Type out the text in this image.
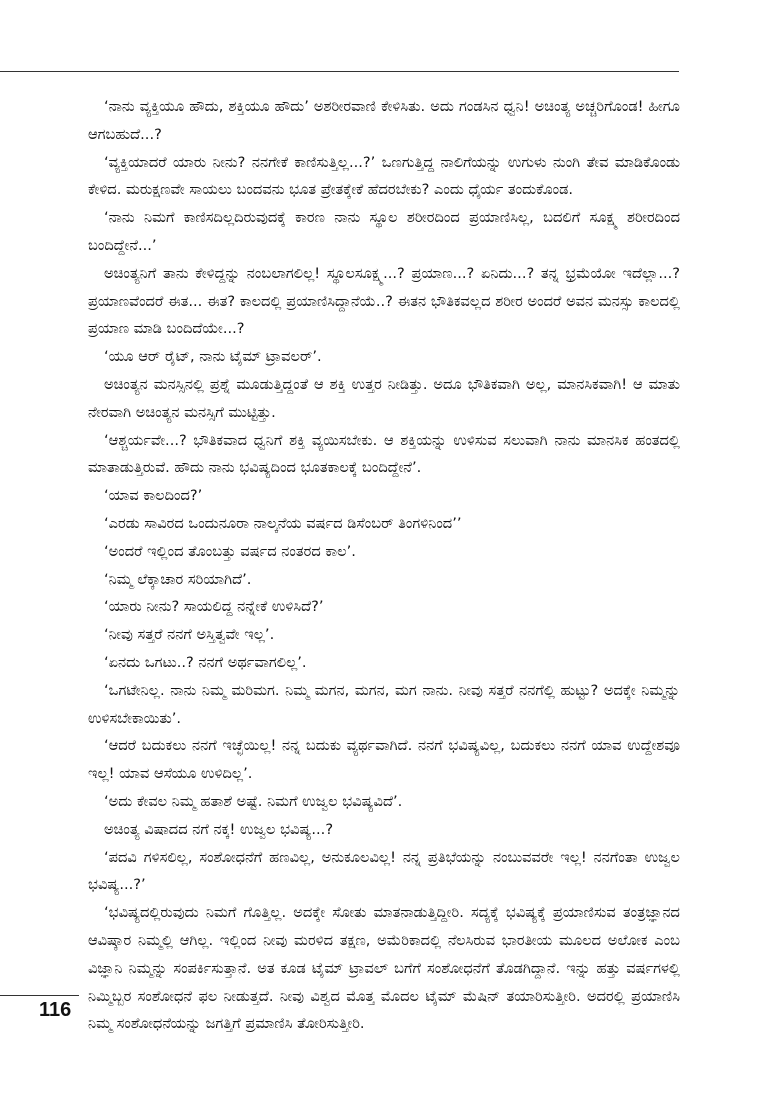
‘ನಾನು ವ್ಯಕ್ತಿಯೂ ಹೌದು, ಶಕ್ತಿಯೂ ಹೌದು’ ಅಶರೀರವಾಣಿ ಕೇಳಿಸಿತು. ಅದು ಗಂಡಸಿನ ಧ್ವನಿ! ಅಚಿಂತ್ಯ ಅಚ್ಚರಿಗೊಂಡ! ಹೀಗೂ ಆಗಬಹುದೆ...?

‘ವ್ಯಕ್ತಿಯಾದರೆ ಯಾರು ನೀನು? ನನಗೇಕೆ ಕಾಣಿಸುತ್ತಿಲ್ಲ...?’ ಒಣಗುತ್ತಿದ್ದ ನಾಲಿಗೆಯನ್ನು ಉಗುಳು ನುಂಗಿ ತೇವ ಮಾಡಿಕೊಂಡು ಕೇಳಿದ. ಮರುಕ್ಷಣವೇ ಸಾಯಲು ಬಂದವನು ಭೂತ ಪ್ರೇತಕ್ಕೇಕೆ ಹೆದರಬೇಕು? ಎಂದು ಧೈರ್ಯ ತಂದುಕೊಂಡ.

‘ನಾನು ನಿಮಗೆ ಕಾಣಿಸದಿಲ್ಲದಿರುವುದಕ್ಕೆ ಕಾರಣ ನಾನು ಸ್ಥೂಲ ಶರೀರದಿಂದ ಪ್ರಯಾಣಿಸಿಲ್ಲ, ಬದಲಿಗೆ ಸೂಕ್ಷ್ಮ ಶರೀರದಿಂದ ಬಂದಿದ್ದೇನೆ...’

ಅಚಿಂತ್ಯನಿಗೆ ತಾನು ಕೇಳಿದ್ದನ್ನು ನಂಬಲಾಗಲಿಲ್ಲ! ಸ್ಥೂಲಸೂಕ್ಷ್ಮ...? ಪ್ರಯಾಣ...? ಏನಿದು...? ತನ್ನ ಭ್ರಮೆಯೋ ಇದೆಲ್ಲಾ...? ಪ್ರಯಾಣವೆಂದರೆ ಈತ... ಈತ? ಕಾಲದಲ್ಲಿ ಪ್ರಯಾಣಿಸಿದ್ದಾನೆಯೆ..? ಈತನ ಭೌತಿಕವಲ್ಲದ ಶರೀರ ಅಂದರೆ ಅವನ ಮನಸ್ಸು ಕಾಲದಲ್ಲಿ ಪ್ರಯಾಣ ಮಾಡಿ ಬಂದಿದೆಯೇ...?

‘ಯೂ ಆರ್ ರೈಟ್, ನಾನು ಟೈಮ್ ಟ್ರಾವಲರ್’.

ಅಚಿಂತ್ಯನ ಮನಸ್ಸಿನಲ್ಲಿ ಪ್ರಶ್ನೆ ಮೂಡುತ್ತಿದ್ದಂತೆ ಆ ಶಕ್ತಿ ಉತ್ತರ ನೀಡಿತ್ತು. ಅದೂ ಭೌತಿಕವಾಗಿ ಅಲ್ಲ, ಮಾನಸಿಕವಾಗಿ! ಆ ಮಾತು ನೇರವಾಗಿ ಅಚಿಂತ್ಯನ ಮನಸ್ಸಿಗೆ ಮುಟ್ಟಿತ್ತು.

‘ಆಶ್ಚರ್ಯವೇ...? ಭೌತಿಕವಾದ ಧ್ವನಿಗೆ ಶಕ್ತಿ ವ್ಯಯಿಸಬೇಕು. ಆ ಶಕ್ತಿಯನ್ನು ಉಳಿಸುವ ಸಲುವಾಗಿ ನಾನು ಮಾನಸಿಕ ಹಂತದಲ್ಲಿ ಮಾತಾಡುತ್ತಿರುವೆ. ಹೌದು ನಾನು ಭವಿಷ್ಯದಿಂದ ಭೂತಕಾಲಕ್ಕೆ ಬಂದಿದ್ದೇನೆ’.

‘ಯಾವ ಕಾಲದಿಂದ?’

‘ಎರಡು ಸಾವಿರದ ಒಂದುನೂರಾ ನಾಲ್ಕನೆಯ ವರ್ಷದ ಡಿಸೆಂಬರ್ ತಿಂಗಳಿನಿಂದ’’

‘ಅಂದರೆ ಇಲ್ಲಿಂದ ತೊಂಬತ್ತು ವರ್ಷದ ನಂತರದ ಕಾಲ’.

‘ನಿಮ್ಮ ಲೆಕ್ಕಾಚಾರ ಸರಿಯಾಗಿದೆ’.

‘ಯಾರು ನೀನು? ಸಾಯಲಿದ್ದ ನನ್ನೇಕೆ ಉಳಿಸಿದೆ?’

‘ನೀವು ಸತ್ತರೆ ನನಗೆ ಅಸ್ತಿತ್ವವೇ ಇಲ್ಲ’.

‘ಏನದು ಒಗಟು..? ನನಗೆ ಅರ್ಥವಾಗಲಿಲ್ಲ’.

‘ಒಗಟೇನಿಲ್ಲ. ನಾನು ನಿಮ್ಮ ಮರಿಮಗ. ನಿಮ್ಮ ಮಗನ, ಮಗನ, ಮಗ ನಾನು. ನೀವು ಸತ್ತರೆ ನನಗೆಲ್ಲಿ ಹುಟ್ಟು? ಅದಕ್ಕೇ ನಿಮ್ಮನ್ನು ಉಳಿಸಬೇಕಾಯಿತು’.

‘ಆದರೆ ಬದುಕಲು ನನಗೆ ಇಚ್ಛೆಯಿಲ್ಲ! ನನ್ನ ಬದುಕು ವ್ಯರ್ಥವಾಗಿದೆ. ನನಗೆ ಭವಿಷ್ಯವಿಲ್ಲ, ಬದುಕಲು ನನಗೆ ಯಾವ ಉದ್ದೇಶವೂ ಇಲ್ಲ! ಯಾವ ಆಸೆಯೂ ಉಳಿದಿಲ್ಲ’.

‘ಅದು ಕೇವಲ ನಿಮ್ಮ ಹತಾಶೆ ಅಷ್ಟೆ. ನಿಮಗೆ ಉಜ್ವಲ ಭವಿಷ್ಯವಿದೆ’.

ಅಚಿಂತ್ಯ ವಿಷಾದದ ನಗೆ ನಕ್ಕ! ಉಜ್ವಲ ಭವಿಷ್ಯ...?

‘ಪದವಿ ಗಳಿಸಲಿಲ್ಲ, ಸಂಶೋಧನೆಗೆ ಹಣವಿಲ್ಲ, ಅನುಕೂಲವಿಲ್ಲ! ನನ್ನ ಪ್ರತಿಭೆಯನ್ನು ನಂಬುವವರೇ ಇಲ್ಲ! ನನಗೆಂತಾ ಉಜ್ವಲ ಭವಿಷ್ಯ...?’

‘ಭವಿಷ್ಯದಲ್ಲಿರುವುದು ನಿಮಗೆ ಗೊತ್ತಿಲ್ಲ. ಅದಕ್ಕೇ ಸೋತು ಮಾತನಾಡುತ್ತಿದ್ದೀರಿ. ಸದ್ಯಕ್ಕೆ ಭವಿಷ್ಯಕ್ಕೆ ಪ್ರಯಾಣಿಸುವ ತಂತ್ರಜ್ಞಾನದ ಆವಿಷ್ಕಾರ ನಿಮ್ಮಲ್ಲಿ ಆಗಿಲ್ಲ. ಇಲ್ಲಿಂದ ನೀವು ಮರಳಿದ ತಕ್ಷಣ, ಅಮೆರಿಕಾದಲ್ಲಿ ನೆಲಸಿರುವ ಭಾರತೀಯ ಮೂಲದ ಅಲೋಕ ಎಂಬ ವಿಜ್ಞಾನಿ ನಿಮ್ಮನ್ನು ಸಂಪರ್ಕಿಸುತ್ತಾನೆ. ಅತ ಕೂಡ ಟೈಮ್ ಟ್ರಾವಲ್ ಬಗೆಗೆ ಸಂಶೋಧನೆಗೆ ತೊಡಗಿದ್ದಾನೆ. ಇನ್ನು ಹತ್ತು ವರ್ಷಗಳಲ್ಲಿ ನಿಮ್ಮಿಬ್ಬರ ಸಂಶೋಧನೆ ಫಲ ನೀಡುತ್ತದೆ. ನೀವು ವಿಶ್ವದ ಮೊತ್ತ ಮೊದಲ ಟೈಮ್ ಮೆಷಿನ್ ತಯಾರಿಸುತ್ತೀರಿ. ಅದರಲ್ಲಿ ಪ್ರಯಾಣಿಸಿ ನಿಮ್ಮ ಸಂಶೋಧನೆಯನ್ನು ಜಗತ್ತಿಗೆ ಪ್ರಮಾಣಿಸಿ ತೋರಿಸುತ್ತೀರಿ.

116
